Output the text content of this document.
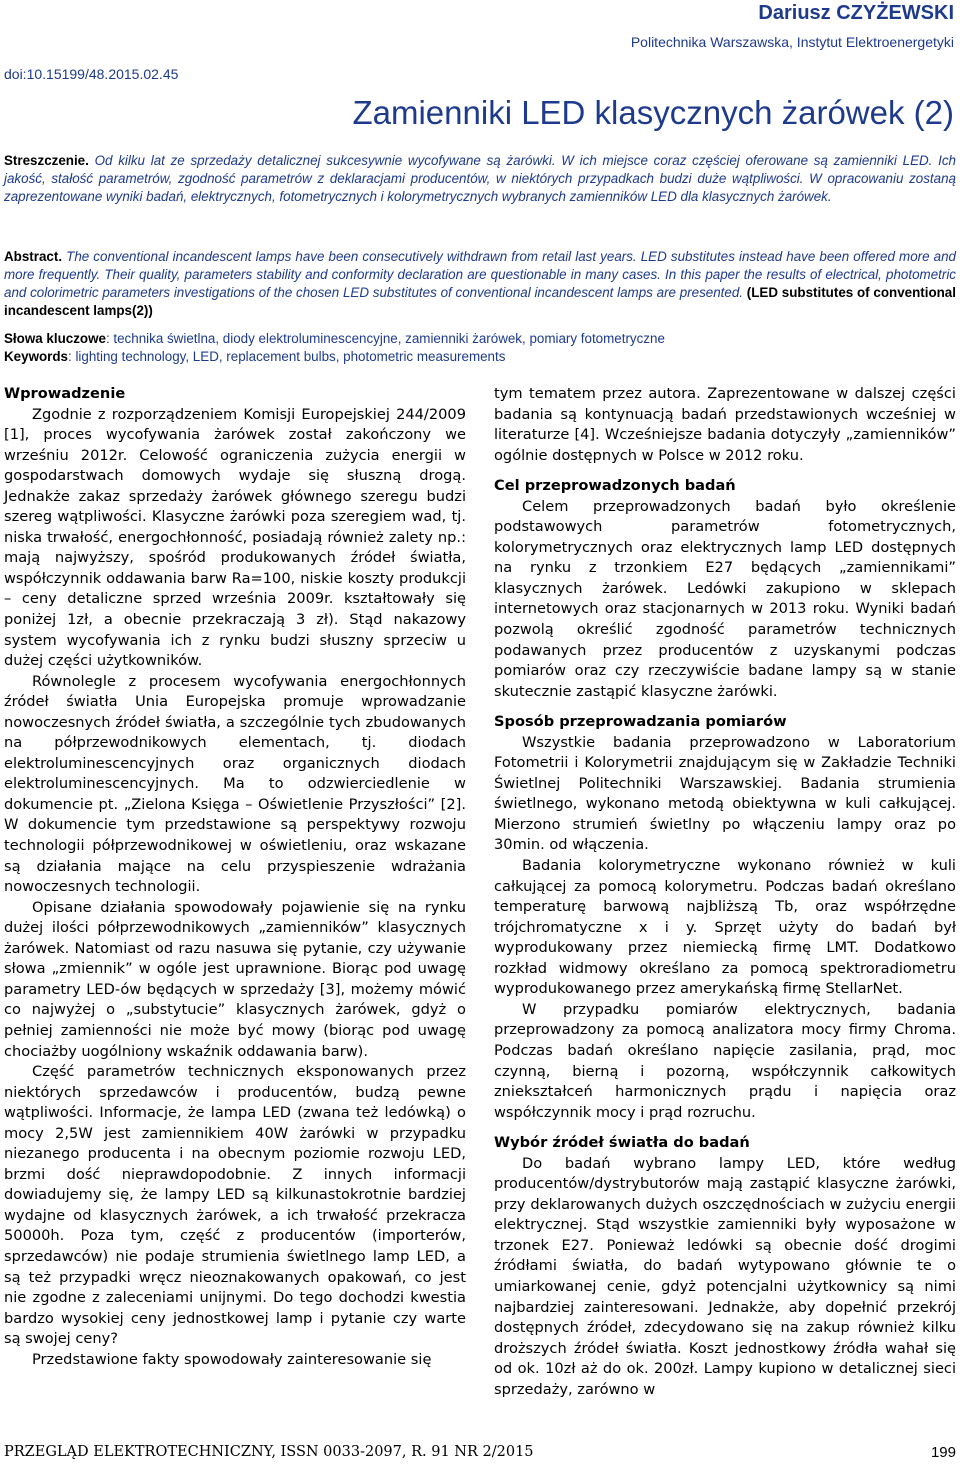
Dariusz CZYŻEWSKI
Politechnika Warszawska, Instytut Elektroenergetyki
doi:10.15199/48.2015.02.45
Zamienniki LED klasycznych żarówek (2)
Streszczenie. Od kilku lat ze sprzedaży detalicznej sukcesywnie wycofywane są żarówki. W ich miejsce coraz częściej oferowane są zamienniki LED. Ich jakość, stałość parametrów, zgodność parametrów z deklaracjami producentów, w niektórych przypadkach budzi duże wątpliwości. W opracowaniu zostaną zaprezentowane wyniki badań, elektrycznych, fotometrycznych i kolorymetrycznych wybranych zamienników LED dla klasycznych żarówek.
Abstract. The conventional incandescent lamps have been consecutively withdrawn from retail last years. LED substitutes instead have been offered more and more frequently. Their quality, parameters stability and conformity declaration are questionable in many cases. In this paper the results of electrical, photometric and colorimetric parameters investigations of the chosen LED substitutes of conventional incandescent lamps are presented. (LED substitutes of conventional incandescent lamps(2))
Słowa kluczowe: technika świetlna, diody elektroluminescencyjne, zamienniki żarówek, pomiary fotometryczne
Keywords: lighting technology, LED, replacement bulbs, photometric measurements

Wprowadzenie

Zgodnie z rozporządzeniem Komisji Europejskiej 244/2009 [1], proces wycofywania żarówek został zakończony we wrześniu 2012r. Celowość ograniczenia zużycia energii w gospodarstwach domowych wydaje się słuszną drogą. Jednakże zakaz sprzedaży żarówek głównego szeregu budzi szereg wątpliwości. Klasyczne żarówki poza szeregiem wad, tj. niska trwałość, energochłonność, posiadają również zalety np.: mają najwyższy, spośród produkowanych źródeł światła, współczynnik oddawania barw Ra=100, niskie koszty produkcji – ceny detaliczne sprzed września 2009r. kształtowały się poniżej 1zł, a obecnie przekraczają 3 zł). Stąd nakazowy system wycofywania ich z rynku budzi słuszny sprzeciw u dużej części użytkowników.

Równolegle z procesem wycofywania energochłonnych źródeł światła Unia Europejska promuje wprowadzanie nowoczesnych źródeł światła, a szczególnie tych zbudowanych na półprzewodnikowych elementach, tj. diodach elektroluminescencyjnych oraz organicznych diodach elektroluminescencyjnych. Ma to odzwierciedlenie w dokumencie pt. „Zielona Księga – Oświetlenie Przyszłości” [2]. W dokumencie tym przedstawione są perspektywy rozwoju technologii półprzewodnikowej w oświetleniu, oraz wskazane są działania mające na celu przyspieszenie wdrażania nowoczesnych technologii.

Opisane działania spowodowały pojawienie się na rynku dużej ilości półprzewodnikowych „zamienników” klasycznych żarówek. Natomiast od razu nasuwa się pytanie, czy używanie słowa „zmiennik” w ogóle jest uprawnione. Biorąc pod uwagę parametry LED-ów będących w sprzedaży [3], możemy mówić co najwyżej o „substytucie” klasycznych żarówek, gdyż o pełniej zamienności nie może być mowy (biorąc pod uwagę chociażby uogólniony wskaźnik oddawania barw).

Część parametrów technicznych eksponowanych przez niektórych sprzedawców i producentów, budzą pewne wątpliwości. Informacje, że lampa LED (zwana też ledówką) o mocy 2,5W jest zamiennikiem 40W żarówki w przypadku niezanego producenta i na obecnym poziomie rozwoju LED, brzmi dość nieprawdopodobnie. Z innych informacji dowiadujemy się, że lampy LED są kilkunastokrotnie bardziej wydajne od klasycznych żarówek, a ich trwałość przekracza 50000h. Poza tym, część z producentów (importerów, sprzedawców) nie podaje strumienia świetlnego lamp LED, a są też przypadki wręcz nieoznakowanych opakowań, co jest nie zgodne z zaleceniami unijnymi. Do tego dochodzi kwestia bardzo wysokiej ceny jednostkowej lamp i pytanie czy warte są swojej ceny?

Przedstawione fakty spowodowały zainteresowanie się

tym tematem przez autora. Zaprezentowane w dalszej części badania są kontynuacją badań przedstawionych wcześniej w literaturze [4]. Wcześniejsze badania dotyczyły „zamienników” ogólnie dostępnych w Polsce w 2012 roku.

Cel przeprowadzonych badań

Celem przeprowadzonych badań było określenie podstawowych parametrów fotometrycznych, kolorymetrycznych oraz elektrycznych lamp LED dostępnych na rynku z trzonkiem E27 będących „zamiennikami” klasycznych żarówek. Ledówki zakupiono w sklepach internetowych oraz stacjonarnych w 2013 roku. Wyniki badań pozwolą określić zgodność parametrów technicznych podawanych przez producentów z uzyskanymi podczas pomiarów oraz czy rzeczywiście badane lampy są w stanie skutecznie zastąpić klasyczne żarówki.

Sposób przeprowadzania pomiarów

Wszystkie badania przeprowadzono w Laboratorium Fotometrii i Kolorymetrii znajdującym się w Zakładzie Techniki Świetlnej Politechniki Warszawskiej. Badania strumienia świetlnego, wykonano metodą obiektywna w kuli całkującej. Mierzono strumień świetlny po włączeniu lampy oraz po 30min. od włączenia.

Badania kolorymetryczne wykonano również w kuli całkującej za pomocą kolorymetru. Podczas badań określano temperaturę barwową najbliższą Tb, oraz współrzędne trójchromatyczne x i y. Sprzęt użyty do badań był wyprodukowany przez niemiecką firmę LMT. Dodatkowo rozkład widmowy określano za pomocą spektroradiometru wyprodukowanego przez amerykańską firmę StellarNet.

W przypadku pomiarów elektrycznych, badania przeprowadzony za pomocą analizatora mocy firmy Chroma. Podczas badań określano napięcie zasilania, prąd, moc czynną, bierną i pozorną, współczynnik całkowitych zniekształceń harmonicznych prądu i napięcia oraz współczynnik mocy i prąd rozruchu.

Wybór źródeł światła do badań

Do badań wybrano lampy LED, które według producentów/dystrybutorów mają zastąpić klasyczne żarówki, przy deklarowanych dużych oszczędnościach w zużyciu energii elektrycznej. Stąd wszystkie zamienniki były wyposażone w trzonek E27. Ponieważ ledówki są obecnie dość drogimi źródłami światła, do badań wytypowano głównie te o umiarkowanej cenie, gdyż potencjalni użytkownicy są nimi najbardziej zainteresowani. Jednakże, aby dopełnić przekrój dostępnych źródeł, zdecydowano się na zakup również kilku droższych źródeł światła. Koszt jednostkowy źródła wahał się od ok. 10zł aż do ok. 200zł. Lampy kupiono w detalicznej sieci sprzedaży, zarówno w

PRZEGLĄD ELEKTROTECHNICZNY, ISSN 0033-2097, R. 91 NR 2/2015	199
